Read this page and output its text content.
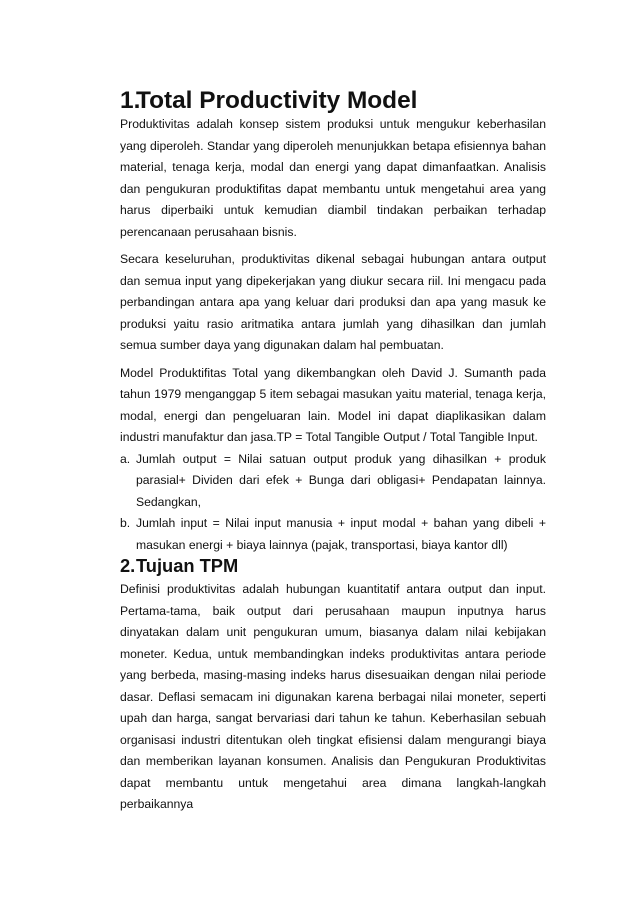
1.
Total Productivity Model

Produktivitas adalah konsep sistem produksi untuk mengukur keberhasilan yang diperoleh. Standar yang diperoleh menunjukkan betapa efisiennya bahan material, tenaga kerja, modal dan energi yang dapat dimanfaatkan. Analisis dan pengukuran produktifitas dapat membantu untuk mengetahui area yang harus diperbaiki untuk kemudian diambil tindakan perbaikan terhadap perencanaan perusahaan bisnis.

Secara keseluruhan, produktivitas dikenal sebagai hubungan antara output dan semua input yang dipekerjakan yang diukur secara riil. Ini mengacu pada perbandingan antara apa yang keluar dari produksi dan apa yang masuk ke produksi yaitu rasio aritmatika antara jumlah yang dihasilkan dan jumlah semua sumber daya yang digunakan dalam hal pembuatan.

Model Produktifitas Total yang dikembangkan oleh David J. Sumanth pada tahun 1979 menganggap 5 item sebagai masukan yaitu material, tenaga kerja, modal, energi dan pengeluaran lain. Model ini dapat diaplikasikan dalam industri manufaktur dan jasa.TP = Total Tangible Output / Total Tangible Input.

a. Jumlah output = Nilai satuan output produk yang dihasilkan + produk parasial+ Dividen dari efek + Bunga dari obligasi+ Pendapatan lainnya. Sedangkan,
b. Jumlah input = Nilai input manusia + input modal + bahan yang dibeli + masukan energi + biaya lainnya (pajak, transportasi, biaya kantor dll)
2. Tujuan TPM

Definisi produktivitas adalah hubungan kuantitatif antara output dan input. Pertama-tama, baik output dari perusahaan maupun inputnya harus dinyatakan dalam unit pengukuran umum, biasanya dalam nilai kebijakan moneter. Kedua, untuk membandingkan indeks produktivitas antara periode yang berbeda, masing-masing indeks harus disesuaikan dengan nilai periode dasar. Deflasi semacam ini digunakan karena berbagai nilai moneter, seperti upah dan harga, sangat bervariasi dari tahun ke tahun. Keberhasilan sebuah organisasi industri ditentukan oleh tingkat efisiensi dalam mengurangi biaya dan memberikan layanan konsumen. Analisis dan Pengukuran Produktivitas dapat membantu untuk mengetahui area dimana langkah-langkah perbaikannya
